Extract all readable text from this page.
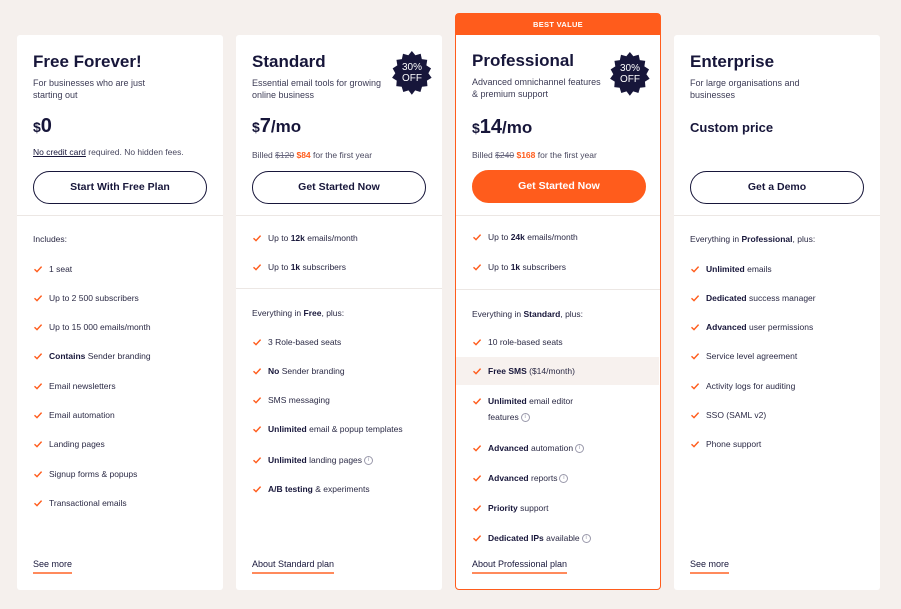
Free Forever!
For businesses who are just starting out
$0
No credit card required. No hidden fees.
Start With Free Plan
Includes:
1 seat
Up to 2 500 subscribers
Up to 15 000 emails/month
Contains Sender branding
Email newsletters
Email automation
Landing pages
Signup forms & popups
Transactional emails
See more
Standard
Essential email tools for growing online business
30%
OFF
$7/mo
Billed $120 $84 for the first year
Get Started Now
Up to 12k emails/month
Up to 1k subscribers
Everything in Free, plus:
3 Role-based seats
No Sender branding
SMS messaging
Unlimited email & popup templates
Unlimited landing pages i
A/B testing & experiments
About Standard plan
BEST VALUE
Professional
Advanced omnichannel features & premium support
30%
OFF
$14/mo
Billed $240 $168 for the first year
Get Started Now
Up to 24k emails/month
Up to 1k subscribers
Everything in Standard, plus:
10 role-based seats
Free SMS ($14/month)
Unlimited email editor
features i
Advanced automation i
Advanced reports i
Priority support
Dedicated IPs available i
About Professional plan
Enterprise
For large organisations and businesses
Custom price
Get a Demo
Everything in Professional, plus:
Unlimited emails
Dedicated success manager
Advanced user permissions
Service level agreement
Activity logs for auditing
SSO (SAML v2)
Phone support
See more
